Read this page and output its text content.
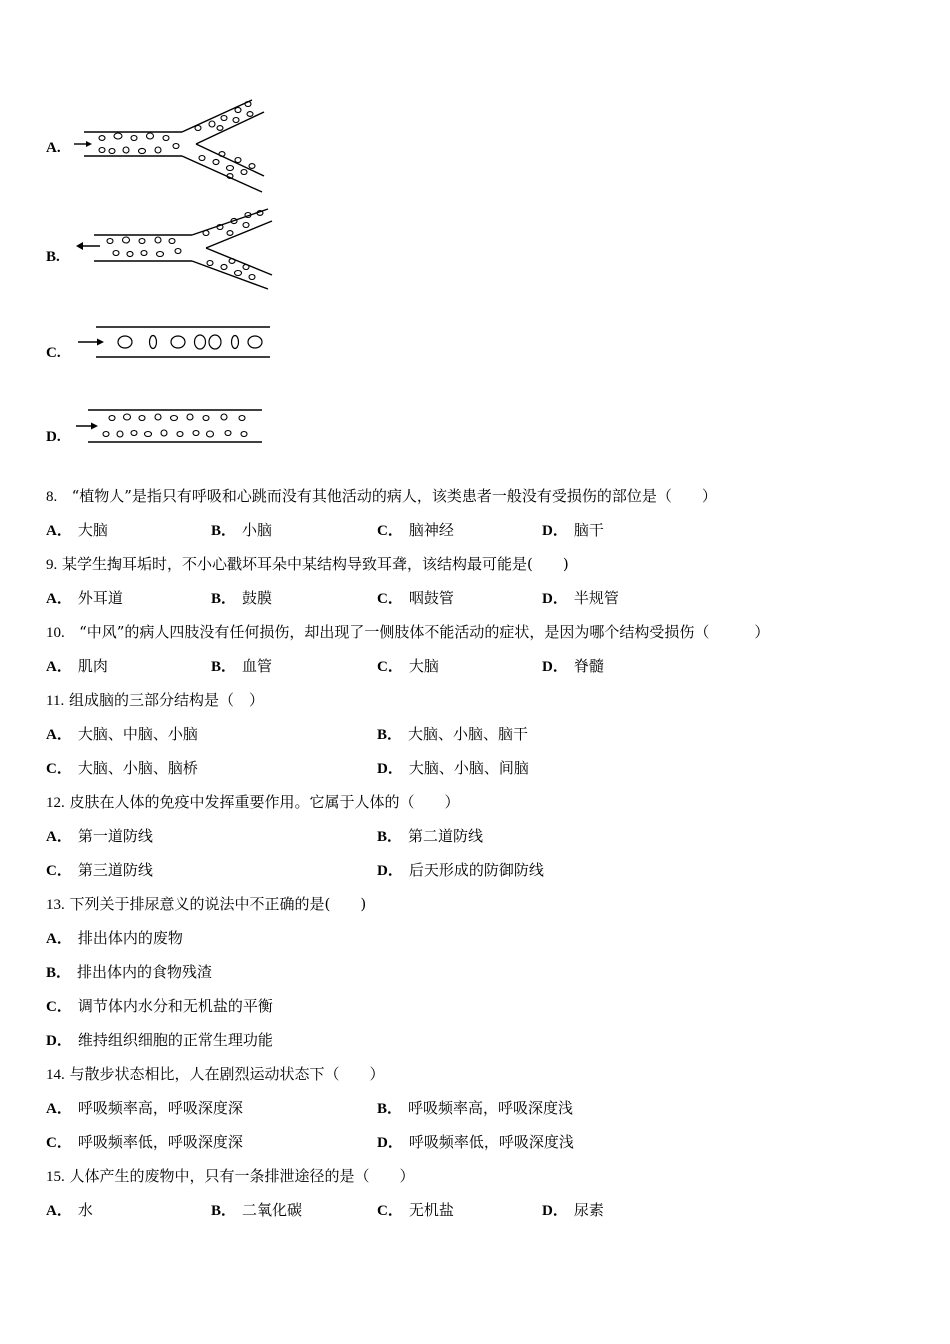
A.
B.
C.
D.
8. “植物人”是指只有呼吸和心跳而没有其他活动的病人，该类患者一般没有受损伤的部位是（　　）
A． 大脑	B． 小脑	C． 脑神经	D． 脑干
9. 某学生掏耳垢时，不小心戳坏耳朵中某结构导致耳聋，该结构最可能是(　　)
A． 外耳道	B． 鼓膜	C． 咽鼓管	D． 半规管
10. “中风”的病人四肢没有任何损伤，却出现了一侧肢体不能活动的症状，是因为哪个结构受损伤（　　　）
A． 肌肉	B． 血管	C． 大脑	D． 脊髓
11. 组成脑的三部分结构是（　）
A． 大脑、中脑、小脑	B． 大脑、小脑、脑干
C． 大脑、小脑、脑桥	D． 大脑、小脑、间脑
12. 皮肤在人体的免疫中发挥重要作用。它属于人体的（　　）
A． 第一道防线	B． 第二道防线
C． 第三道防线	D． 后天形成的防御防线
13. 下列关于排尿意义的说法中不正确的是(　　)
A． 排出体内的废物
B． 排出体内的食物残渣
C． 调节体内水分和无机盐的平衡
D． 维持组织细胞的正常生理功能
14. 与散步状态相比，人在剧烈运动状态下（　　）
A． 呼吸频率高，呼吸深度深	B． 呼吸频率高，呼吸深度浅
C． 呼吸频率低，呼吸深度深	D． 呼吸频率低，呼吸深度浅
15. 人体产生的废物中，只有一条排泄途径的是（　　）
A． 水	B． 二氧化碳	C． 无机盐	D． 尿素
